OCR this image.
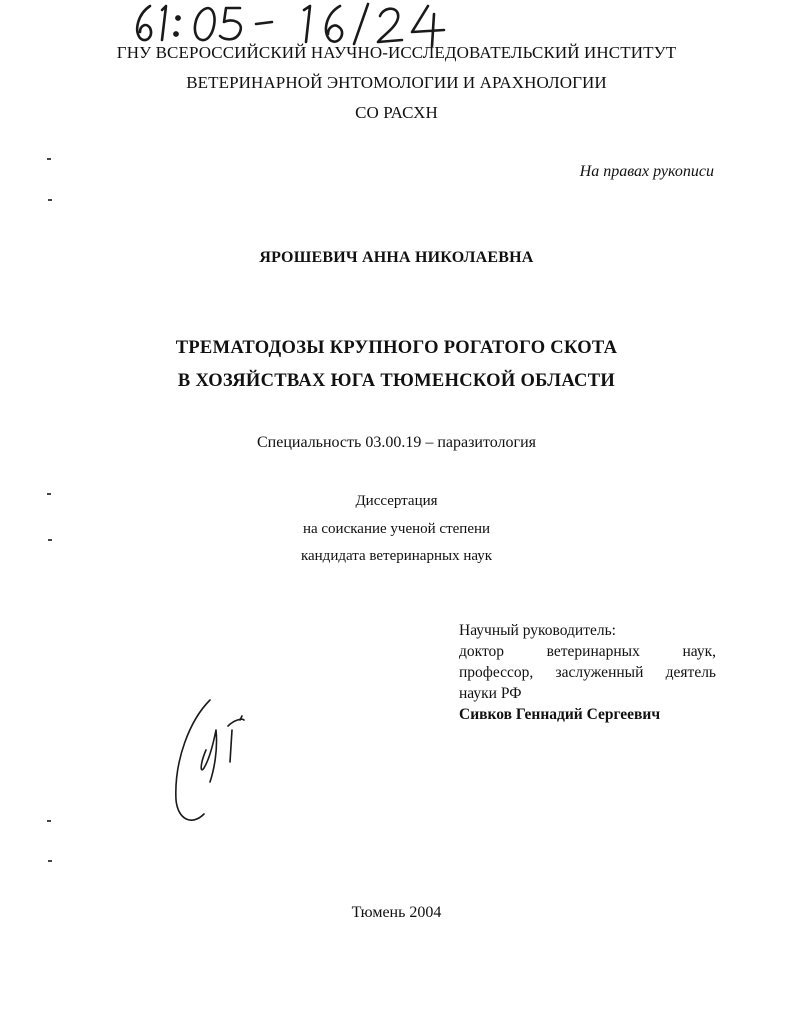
ГНУ ВСЕРОССИЙСКИЙ НАУЧНО-ИССЛЕДОВАТЕЛЬСКИЙ ИНСТИТУТ
ВЕТЕРИНАРНОЙ ЭНТОМОЛОГИИ И АРАХНОЛОГИИ
СО РАСХН
На правах рукописи
ЯРОШЕВИЧ АННА НИКОЛАЕВНА
ТРЕМАТОДОЗЫ КРУПНОГО РОГАТОГО СКОТА
В ХОЗЯЙСТВАХ ЮГА ТЮМЕНСКОЙ ОБЛАСТИ
Специальность 03.00.19 – паразитология
Диссертация
на соискание ученой степени
кандидата ветеринарных наук
Научный руководитель:
доктор ветеринарных наук,
профессор, заслуженный деятель
науки РФ
Сивков Геннадий Сергеевич
Тюмень 2004
